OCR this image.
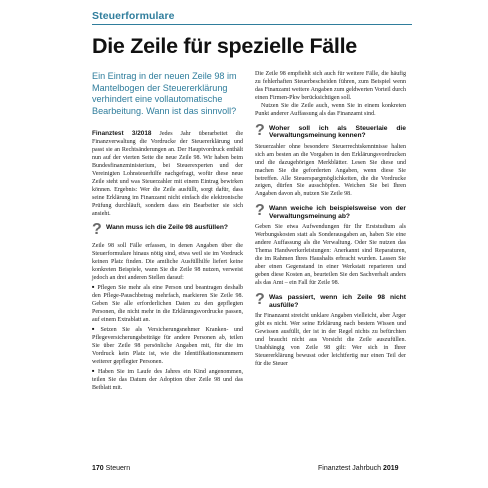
Steuerformulare
Die Zeile für spezielle Fälle
Ein Eintrag in der neuen Zeile 98 im Mantelbogen der Steuererklärung verhindert eine vollautomatische Bearbeitung. Wann ist das sinnvoll?

Finanztest 3/2018 Jedes Jahr überarbeitet die Finanzverwaltung die Vordrucke der Steuererklärung und passt sie an Rechtsänderungen an. Der Hauptvordruck enthält nun auf der vierten Seite die neue Zeile 98. Wir haben beim Bundesfinanzministerium, bei Steuerexperten und der Vereinigten Lohnsteuerhilfe nachgefragt, wofür diese neue Zeile steht und was Steuerzahler mit einem Eintrag bewirken können. Ergebnis: Wer die Zeile ausfüllt, sorgt dafür, dass seine Erklärung im Finanzamt nicht einfach die elektronische Prüfung durchläuft, sondern dass ein Bearbeiter sie sich ansieht.

? Wann muss ich die Zeile 98 ausfüllen?

Zeile 98 soll Fälle erfassen, in denen Angaben über die Steuerformulare hinaus nötig sind, etwa weil sie im Vordruck keinen Platz finden. Die amtliche Ausfüllhilfe liefert keine konkreten Beispiele, wann Sie die Zeile 98 nutzen, verweist jedoch an drei anderen Stellen darauf:

■ Pflegen Sie mehr als eine Person und beantragen deshalb den Pflege-Pauschbetrag mehrfach, markieren Sie Zeile 98. Geben Sie alle erforderlichen Daten zu den gepflegten Personen, die nicht mehr in die Erklärungsvordrucke passen, auf einem Extrablatt an.

■ Setzen Sie als Versicherungsnehmer Kranken- und Pflegeversicherungsbeiträge für andere Personen ab, teilen Sie über Zeile 98 persönliche Angaben mit, für die im Vordruck kein Platz ist, wie die Identifikationsnummern weiterer gepflegter Personen.

■ Haben Sie im Laufe des Jahres ein Kind angenommen, teilen Sie das Datum der Adoption über Zeile 98 und das Beiblatt mit.

Die Zeile 98 empfiehlt sich auch für weitere Fälle, die häufig zu fehlerhaften Steuerbescheiden führen, zum Beispiel wenn das Finanzamt weitere Angaben zum geldwerten Vorteil durch einen Firmen-Pkw berücksichtigen soll.

Nutzen Sie die Zeile auch, wenn Sie in einem konkreten Punkt anderer Auffassung als das Finanzamt sind.

? Woher soll ich als Steuerlaie die Verwaltungsmeinung kennen?

Steuerzahler ohne besondere Steuerrechtskenntnisse halten sich am besten an die Vorgaben in den Erklärungsvordrucken und die dazugehörigen Merkblätter. Lesen Sie diese und machen Sie die geforderten Angaben, wenn diese Sie betreffen. Alle Steuerspargmöglichkeiten, die die Vordrucke zeigen, dürfen Sie ausschöpfen. Weichen Sie bei Ihren Angaben davon ab, nutzen Sie Zeile 98.

? Wann weiche ich beispielsweise von der Verwaltungsmeinung ab?

Geben Sie etwa Aufwendungen für Ihr Erststudium als Werbungskosten statt als Sonderausgaben an, haben Sie eine andere Auffassung als die Verwaltung. Oder Sie nutzen das Thema Handwerkerleistungen: Anerkannt sind Reparaturen, die im Rahmen Ihres Haushalts erbracht wurden. Lassen Sie aber einen Gegenstand in einer Werkstatt reparieren und geben diese Kosten an, beurteilen Sie den Sachverhalt anders als das Amt – ein Fall für Zeile 98.

? Was passiert, wenn ich Zeile 98 nicht ausfülle?

Ihr Finanzamt streicht unklare Angaben vielleicht, aber Ärger gibt es nicht. Wer seine Erklärung nach bestem Wissen und Gewissen ausfüllt, der ist in der Regel nichts zu befürchten und braucht nicht aus Vorsicht die Zeile auszufüllen. Unabhängig von Zeile 98 gilt: Wer sich in Ihrer Steuererklärung bewusst oder leichtfertig nur einen Teil der für die Steuer

170 Steuern	Finanztest Jahrbuch 2019
